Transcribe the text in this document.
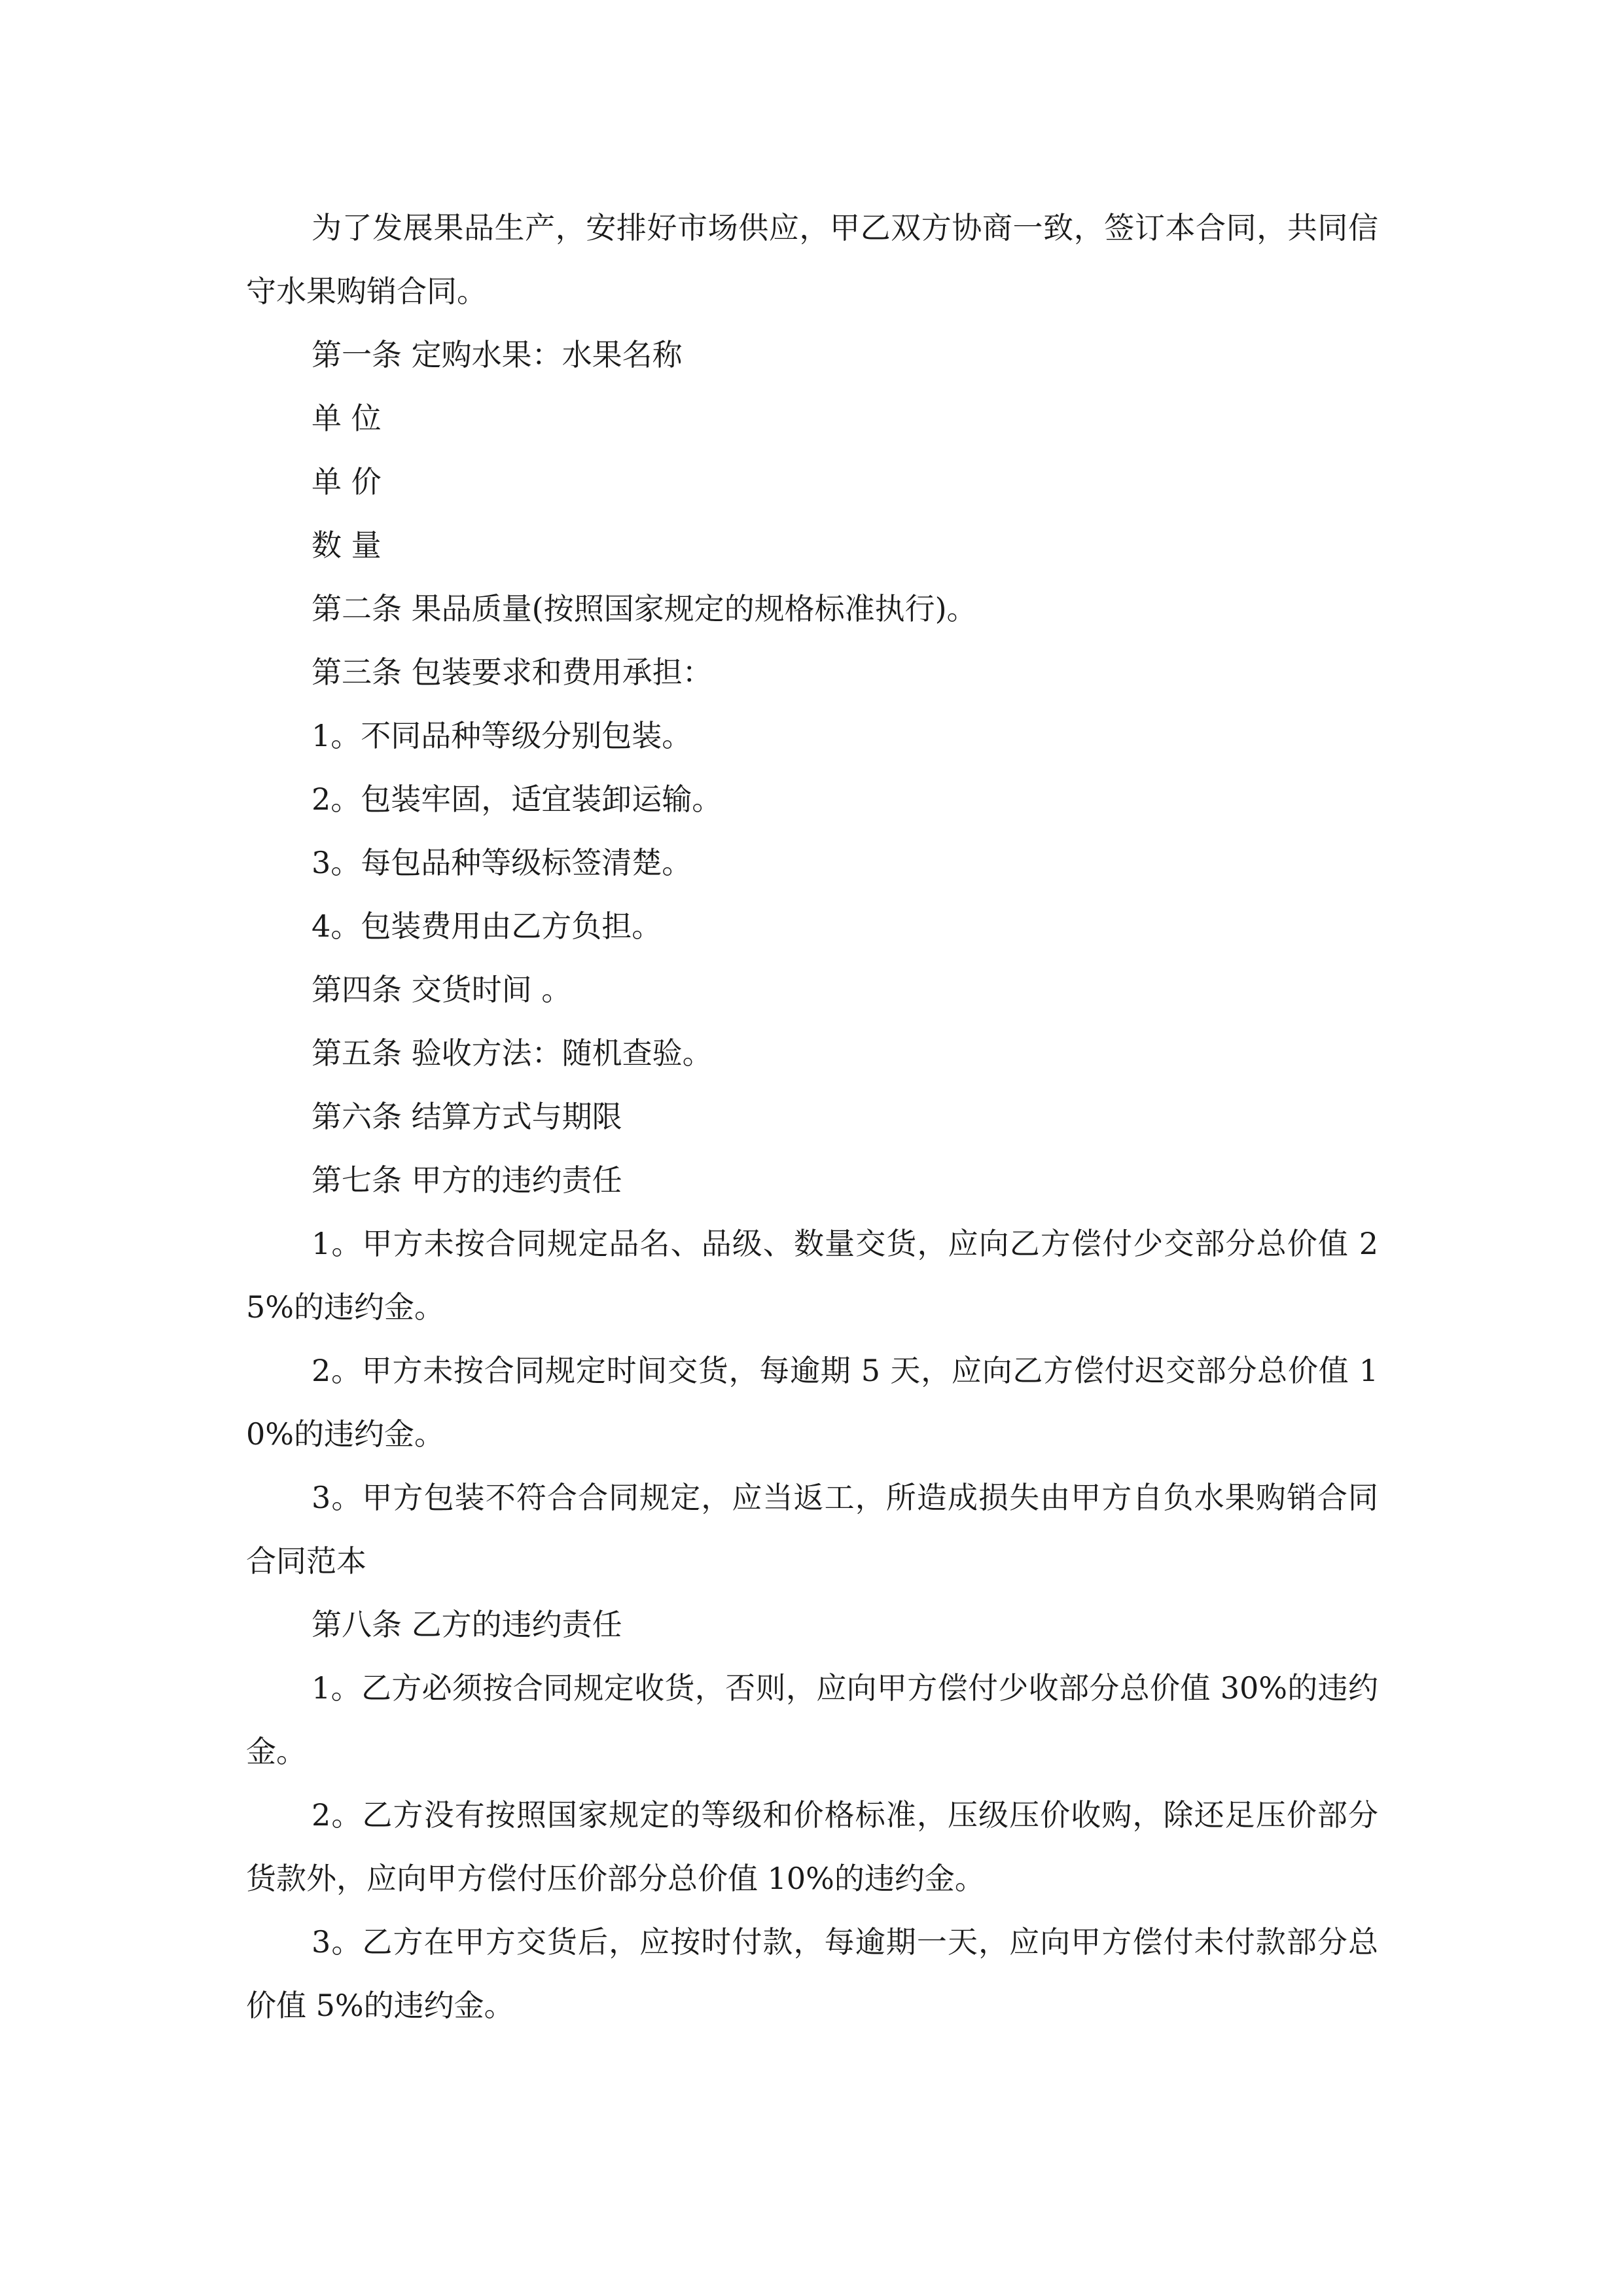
为了发展果品生产，安排好市场供应，甲乙双方协商一致，签订本合同，共同信守水果购销合同。

第一条 定购水果：水果名称

单 位

单 价

数 量

第二条 果品质量(按照国家规定的规格标准执行)。

第三条 包装要求和费用承担：

1。不同品种等级分别包装。

2。包装牢固，适宜装卸运输。

3。每包品种等级标签清楚。

4。包装费用由乙方负担。

第四条 交货时间 。

第五条 验收方法：随机查验。

第六条 结算方式与期限

第七条 甲方的违约责任

1。甲方未按合同规定品名、品级、数量交货，应向乙方偿付少交部分总价值 25%的违约金。

2。甲方未按合同规定时间交货，每逾期 5 天，应向乙方偿付迟交部分总价值 10%的违约金。

3。甲方包装不符合合同规定，应当返工，所造成损失由甲方自负水果购销合同合同范本

第八条 乙方的违约责任

1。乙方必须按合同规定收货，否则，应向甲方偿付少收部分总价值 30%的违约金。

2。乙方没有按照国家规定的等级和价格标准，压级压价收购，除还足压价部分货款外，应向甲方偿付压价部分总价值 10%的违约金。

3。乙方在甲方交货后，应按时付款，每逾期一天，应向甲方偿付未付款部分总价值 5%的违约金。
